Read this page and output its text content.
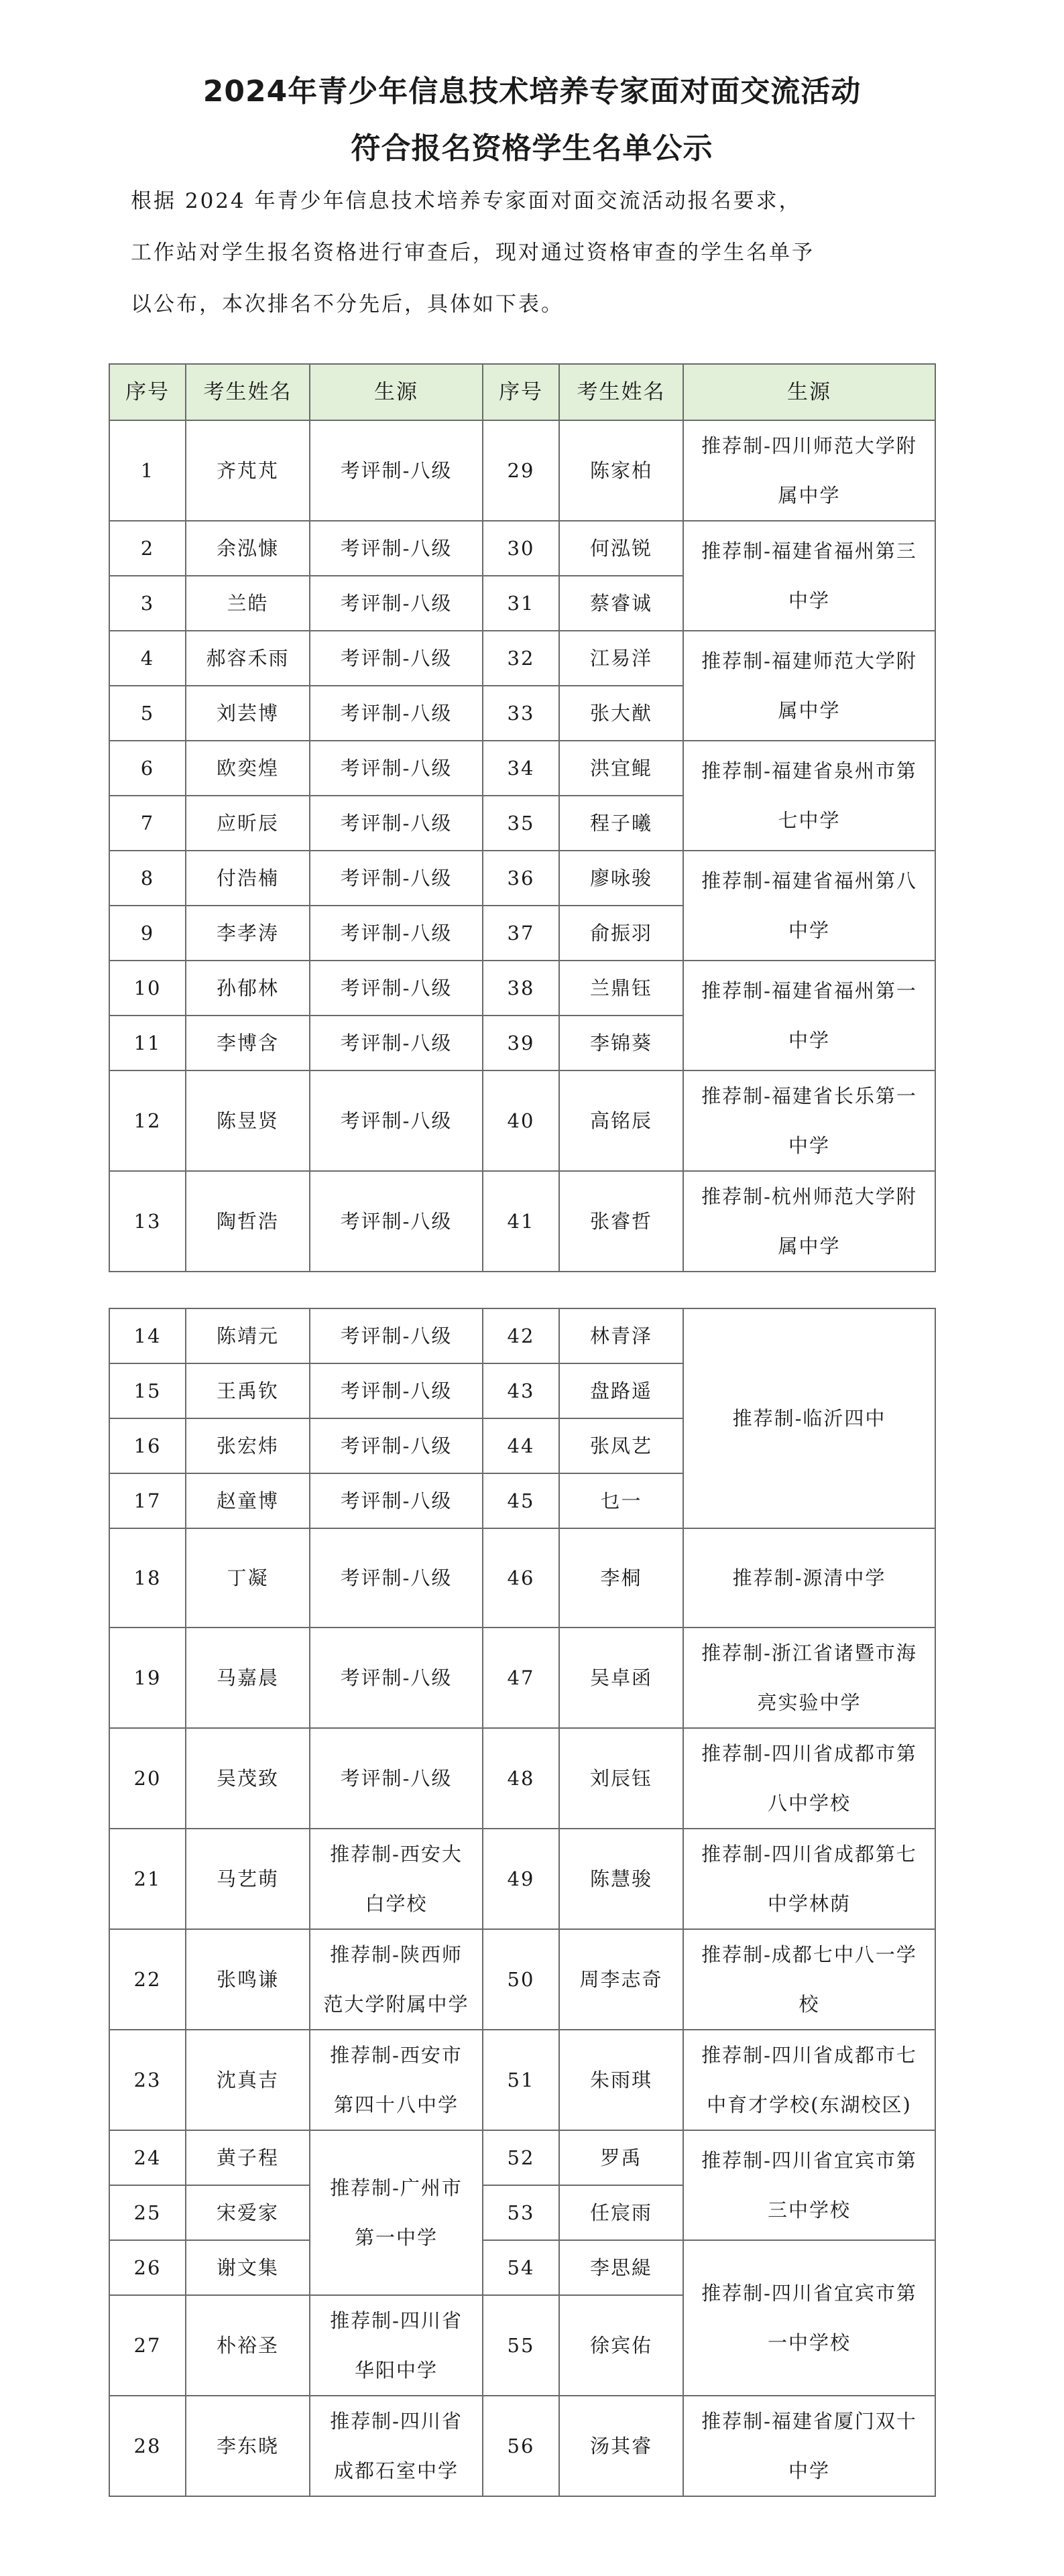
2024年青少年信息技术培养专家面对面交流活动
符合报名资格学生名单公示

根据 2024 年青少年信息技术培养专家面对面交流活动报名要求，

工作站对学生报名资格进行审查后，现对通过资格审查的学生名单予

以公布，本次排名不分先后，具体如下表。

序号	考生姓名	生源	序号	考生姓名	生源
1	齐芃芃	考评制-八级	29	陈家柏	推荐制-四川师范大学附属中学
2	余泓慷	考评制-八级	30	何泓锐	推荐制-福建省福州第三中学
3	兰皓	考评制-八级	31	蔡睿诚	
4	郝容禾雨	考评制-八级	32	江易洋	推荐制-福建师范大学附属中学
5	刘芸博	考评制-八级	33	张大猷	
6	欧奕煌	考评制-八级	34	洪宜鲲	推荐制-福建省泉州市第七中学
7	应昕辰	考评制-八级	35	程子曦	
8	付浩楠	考评制-八级	36	廖咏骏	推荐制-福建省福州第八中学
9	李孝涛	考评制-八级	37	俞振羽	
10	孙郁林	考评制-八级	38	兰鼎钰	推荐制-福建省福州第一中学
11	李博含	考评制-八级	39	李锦葵	
12	陈昱贤	考评制-八级	40	高铭辰	推荐制-福建省长乐第一中学
13	陶哲浩	考评制-八级	41	张睿哲	推荐制-杭州师范大学附属中学
14	陈靖元	考评制-八级	42	林青泽	推荐制-临沂四中
15	王禹钦	考评制-八级	43	盘路遥	
16	张宏炜	考评制-八级	44	张凤艺	
17	赵童博	考评制-八级	45	乜一	
18	丁凝	考评制-八级	46	李桐	推荐制-源清中学
19	马嘉晨	考评制-八级	47	吴卓函	推荐制-浙江省诸暨市海亮实验中学
20	吴茂致	考评制-八级	48	刘辰钰	推荐制-四川省成都市第八中学校
21	马艺萌	推荐制-西安大白学校	49	陈慧骏	推荐制-四川省成都第七中学林荫
22	张鸣谦	推荐制-陕西师范大学附属中学	50	周李志奇	推荐制-成都七中八一学校
23	沈真吉	推荐制-西安市第四十八中学	51	朱雨琪	推荐制-四川省成都市七中育才学校(东湖校区)
24	黄子程	推荐制-广州市第一中学	52	罗禹	推荐制-四川省宜宾市第三中学校
25	宋爱家		53	任宸雨	
26	谢文集		54	李思緹	推荐制-四川省宜宾市第一中学校
27	朴裕圣	推荐制-四川省华阳中学	55	徐宾佑	
28	李东晓	推荐制-四川省成都石室中学	56	汤其睿	推荐制-福建省厦门双十中学
